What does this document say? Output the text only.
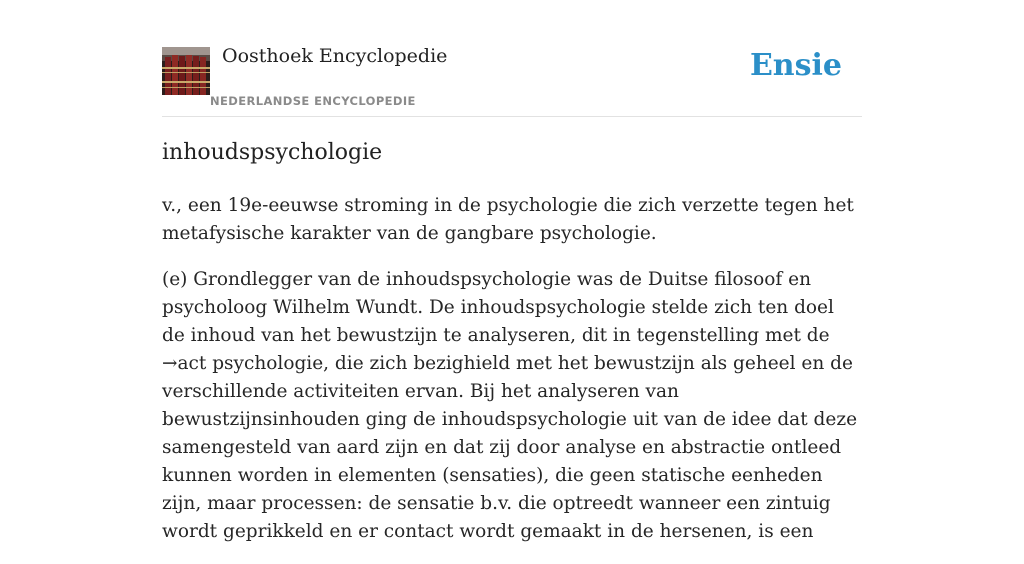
Oosthoek Encyclopedie
NEDERLANDSE ENCYCLOPEDIE
Ensie
inhoudspsychologie

v., een 19e-eeuwse stroming in de psychologie die zich verzette tegen het metafysische karakter van de gangbare psychologie.

(e) Grondlegger van de inhoudspsychologie was de Duitse filosoof en psycholoog Wilhelm Wundt. De inhoudspsychologie stelde zich ten doel de inhoud van het bewustzijn te analyseren, dit in tegenstelling met de →act psychologie, die zich bezighield met het bewustzijn als geheel en de verschillende activiteiten ervan. Bij het analyseren van bewustzijnsinhouden ging de inhoudspsychologie uit van de idee dat deze samengesteld van aard zijn en dat zij door analyse en abstractie ontleed kunnen worden in elementen (sensaties), die geen statische eenheden zijn, maar processen: de sensatie b.v. die optreedt wanneer een zintuig wordt geprikkeld en er contact wordt gemaakt in de hersenen, is een
